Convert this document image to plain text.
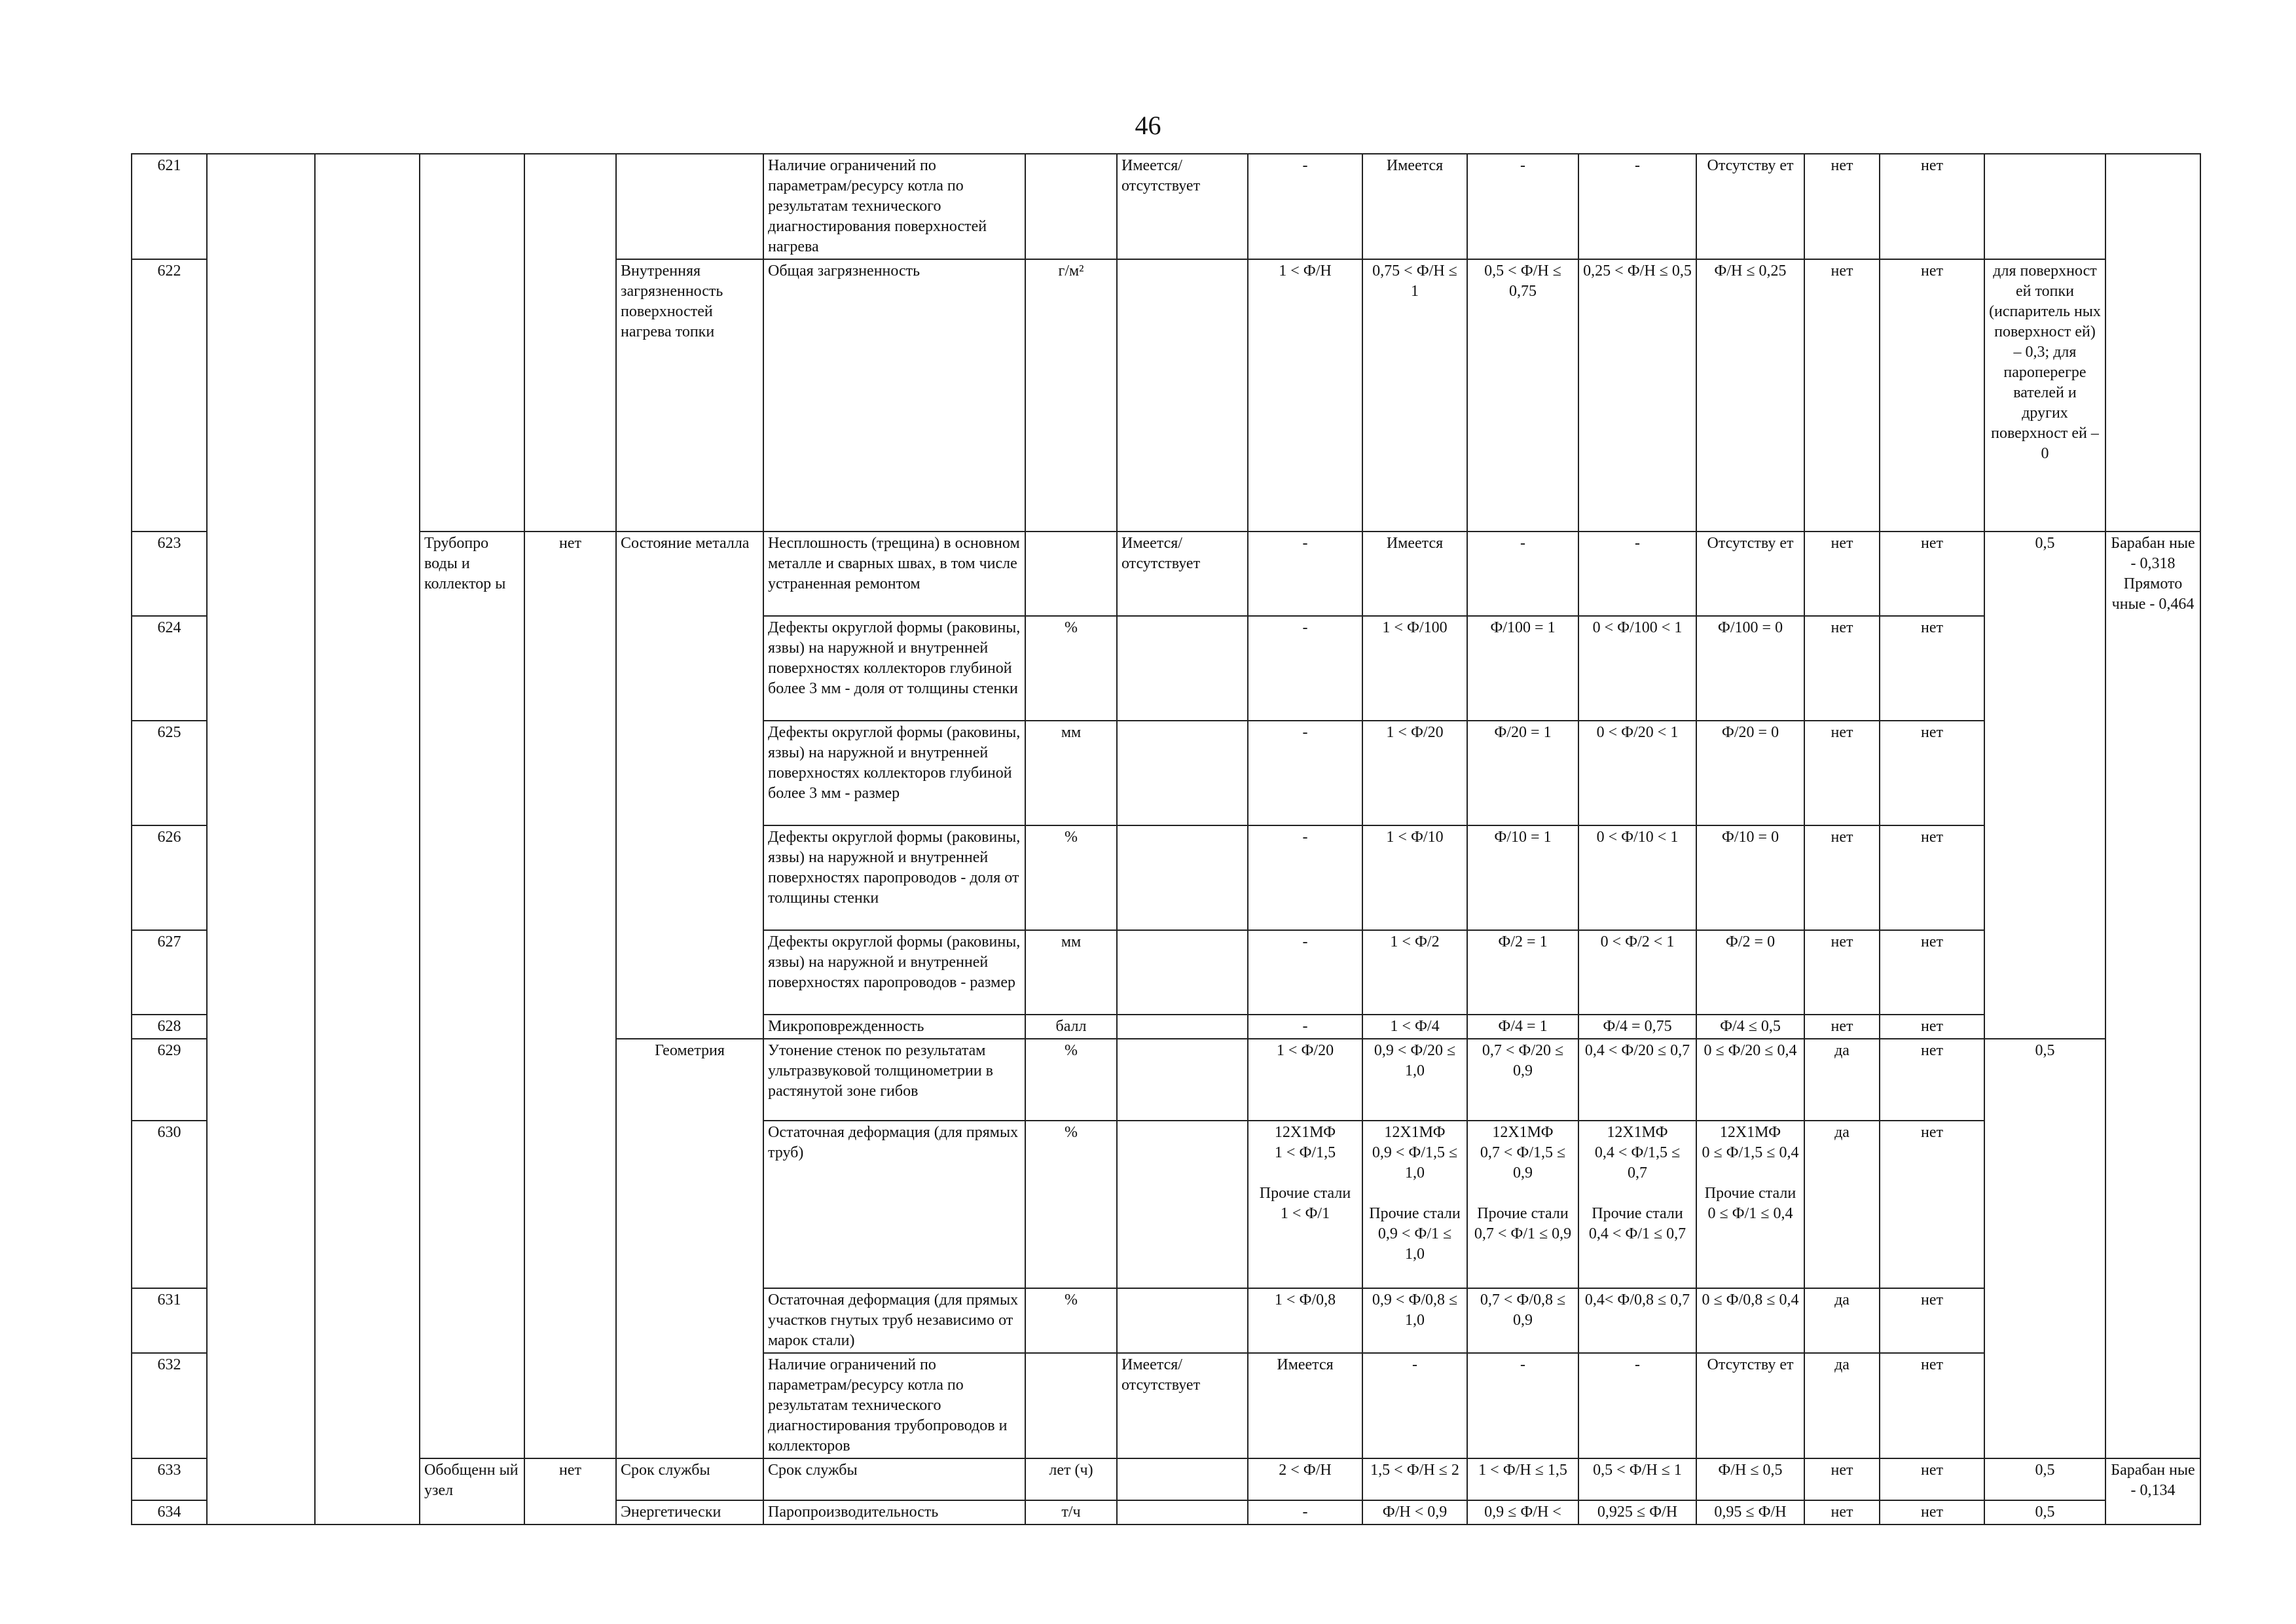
46
621						Наличие ограничений по параметрам/ресурсу котла по результатам технического диагностирования поверхностей нагрева		Имеется/ отсутствует	-	Имеется	-	-	Отсутству ет	нет	нет		
622					Внутренняя загрязненность поверхностей нагрева топки	Общая загрязненность	г/м²		1 < Ф/Н	0,75 < Ф/Н ≤ 1	0,5 < Ф/Н ≤ 0,75	0,25 < Ф/Н ≤ 0,5	Ф/Н ≤ 0,25	нет	нет	для поверхност ей топки (испаритель ных поверхност ей) – 0,3; для пароперегре вателей и других поверхност ей – 0	
623			Трубопро воды и коллектор ы	нет	Состояние металла	Несплошность (трещина) в основном металле и сварных швах, в том числе устраненная ремонтом		Имеется/ отсутствует	-	Имеется	-	-	Отсутству ет	нет	нет	0,5	Барабан ные - 0,318 Прямото чные - 0,464
624						Дефекты округлой формы (раковины, язвы) на наружной и внутренней поверхностях коллекторов глубиной более 3 мм - доля от толщины стенки	%		-	1 < Ф/100	Ф/100 = 1	0 < Ф/100 < 1	Ф/100 = 0	нет	нет		
625						Дефекты округлой формы (раковины, язвы) на наружной и внутренней поверхностях коллекторов глубиной более 3 мм - размер	мм		-	1 < Ф/20	Ф/20 = 1	0 < Ф/20 < 1	Ф/20 = 0	нет	нет		
626						Дефекты округлой формы (раковины, язвы) на наружной и внутренней поверхностях паропроводов - доля от толщины стенки	%		-	1 < Ф/10	Ф/10 = 1	0 < Ф/10 < 1	Ф/10 = 0	нет	нет		
627						Дефекты округлой формы (раковины, язвы) на наружной и внутренней поверхностях паропроводов - размер	мм		-	1 < Ф/2	Ф/2 = 1	0 < Ф/2 < 1	Ф/2 = 0	нет	нет		
628						Микроповрежденность	балл		-	1 < Ф/4	Ф/4 = 1	Ф/4 = 0,75	Ф/4 ≤ 0,5	нет	нет		
629					Геометрия	Утонение стенок по результатам ультразвуковой толщинометрии в растянутой зоне гибов	%		1 < Ф/20	0,9 < Ф/20 ≤ 1,0	0,7 < Ф/20 ≤ 0,9	0,4 < Ф/20 ≤ 0,7	0 ≤ Ф/20 ≤ 0,4	да	нет	0,5	
630						Остаточная деформация (для прямых труб)	%		12Х1МФ
1 < Ф/1,5

Прочие стали
1 < Ф/1	12Х1МФ
0,9 < Ф/1,5 ≤ 1,0

Прочие стали
0,9 < Ф/1 ≤ 1,0	12Х1МФ
0,7 < Ф/1,5 ≤ 0,9

Прочие стали
0,7 < Ф/1 ≤ 0,9	12Х1МФ
0,4 < Ф/1,5 ≤ 0,7

Прочие стали
0,4 < Ф/1 ≤ 0,7	12Х1МФ
0 ≤ Ф/1,5 ≤ 0,4

Прочие стали
0 ≤ Ф/1 ≤ 0,4	да	нет		
631						Остаточная деформация (для прямых участков гнутых труб независимо от марок стали)	%		1 < Ф/0,8	0,9 < Ф/0,8 ≤ 1,0	0,7 < Ф/0,8 ≤ 0,9	0,4< Ф/0,8 ≤ 0,7	0 ≤ Ф/0,8 ≤ 0,4	да	нет		
632						Наличие ограничений по параметрам/ресурсу котла по результатам технического диагностирования трубопроводов и коллекторов		Имеется/ отсутствует	Имеется	-	-	-	Отсутству ет	да	нет		
633			Обобщенн ый узел	нет	Срок службы	Срок службы	лет (ч)		2 < Ф/Н	1,5 < Ф/Н ≤ 2	1 < Ф/Н ≤ 1,5	0,5 < Ф/Н ≤ 1	Ф/Н ≤ 0,5	нет	нет	0,5	Барабан ные - 0,134
634					Энергетически	Паропроизводительность	т/ч		-	Ф/Н < 0,9	0,9 ≤ Ф/Н <	0,925 ≤ Ф/Н	0,95 ≤ Ф/Н	нет	нет	0,5	
